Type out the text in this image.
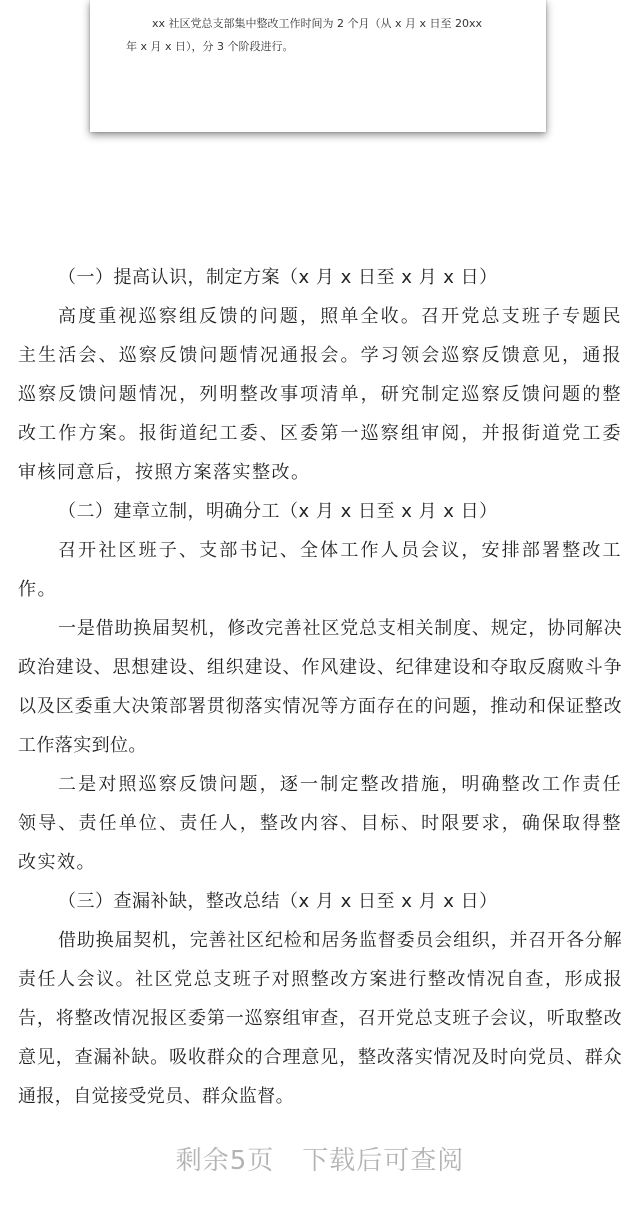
xx 社区党总支部集中整改工作时间为 2 个月（从 x 月 x 日至 20xx
年 x 月 x 日），分 3 个阶段进行。
（一）提高认识，制定方案（x 月 x 日至 x 月 x 日）
高度重视巡察组反馈的问题，照单全收。召开党总支班子专题民主生活会、巡察反馈问题情况通报会。学习领会巡察反馈意见，通报巡察反馈问题情况，列明整改事项清单，研究制定巡察反馈问题的整改工作方案。报街道纪工委、区委第一巡察组审阅，并报街道党工委审核同意后，按照方案落实整改。
（二）建章立制，明确分工（x 月 x 日至 x 月 x 日）
召开社区班子、支部书记、全体工作人员会议，安排部署整改工作。
一是借助换届契机，修改完善社区党总支相关制度、规定，协同解决政治建设、思想建设、组织建设、作风建设、纪律建设和夺取反腐败斗争以及区委重大决策部署贯彻落实情况等方面存在的问题，推动和保证整改工作落实到位。
二是对照巡察反馈问题，逐一制定整改措施，明确整改工作责任领导、责任单位、责任人，整改内容、目标、时限要求，确保取得整改实效。
（三）查漏补缺，整改总结（x 月 x 日至 x 月 x 日）
借助换届契机，完善社区纪检和居务监督委员会组织，并召开各分解责任人会议。社区党总支班子对照整改方案进行整改情况自查，形成报告，将整改情况报区委第一巡察组审查，召开党总支班子会议，听取整改意见，查漏补缺。吸收群众的合理意见，整改落实情况及时向党员、群众通报，自觉接受党员、群众监督。
剩余5页 下载后可查阅
